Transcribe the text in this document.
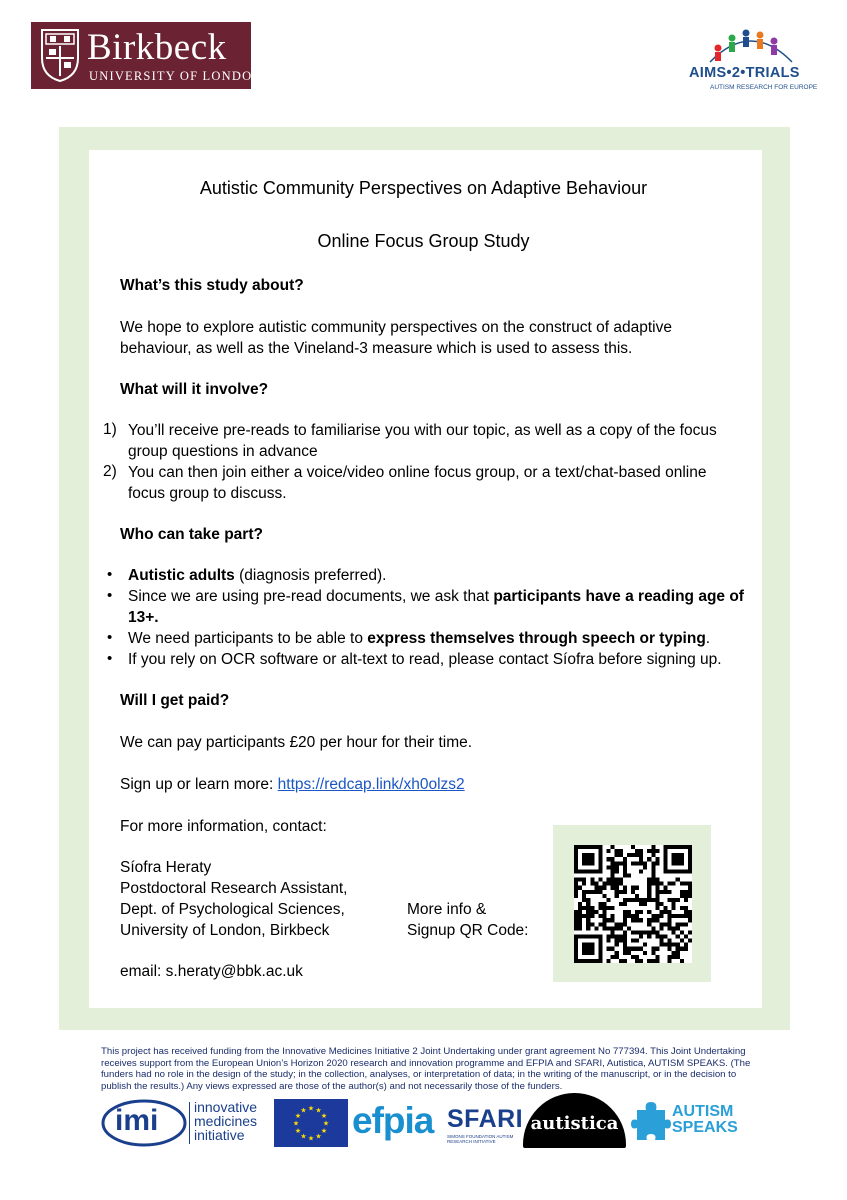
Birkbeck
UNIVERSITY OF LONDON	AIMS•2•TRIALS
AUTISM RESEARCH FOR EUROPE
Autistic Community Perspectives on Adaptive Behaviour
Online Focus Group Study
What’s this study about?
We hope to explore autistic community perspectives on the construct of adaptive
behaviour, as well as the Vineland-3 measure which is used to assess this.
What will it involve?
1) You’ll receive pre-reads to familiarise you with our topic, as well as a copy of the focus
group questions in advance
2) You can then join either a voice/video online focus group, or a text/chat-based online
focus group to discuss.
Who can take part?
• Autistic adults (diagnosis preferred).
• Since we are using pre-read documents, we ask that participants have a reading age of
13+.
• We need participants to be able to express themselves through speech or typing.
• If you rely on OCR software or alt-text to read, please contact Síofra before signing up.
Will I get paid?
We can pay participants £20 per hour for their time.
Sign up or learn more: https://redcap.link/xh0olzs2
For more information, contact:
Síofra Heraty
Postdoctoral Research Assistant,
Dept. of Psychological Sciences,
University of London, Birkbeck
email: s.heraty@bbk.ac.uk
More info &
Signup QR Code:
This project has received funding from the Innovative Medicines Initiative 2 Joint Undertaking under grant agreement No 777394. This Joint Undertaking receives support from the European Union’s Horizon 2020 research and innovation programme and EFPIA and SFARI, Autistica, AUTISM SPEAKS. (The funders had no role in the design of the study; in the collection, analyses, or interpretation of data; in the writing of the manuscript, or in the decision to publish the results.) Any views expressed are those of the author(s) and not necessarily those of the funders.
imi	innovative
medicines
initiative
★
★
★
★
★
★
★
★
★ ★ ★
★ efpia SFARI
SIMONS FOUNDATION AUTISM RESEARCH INITIATIVE
autistica
AUTISM
SPEAKS
